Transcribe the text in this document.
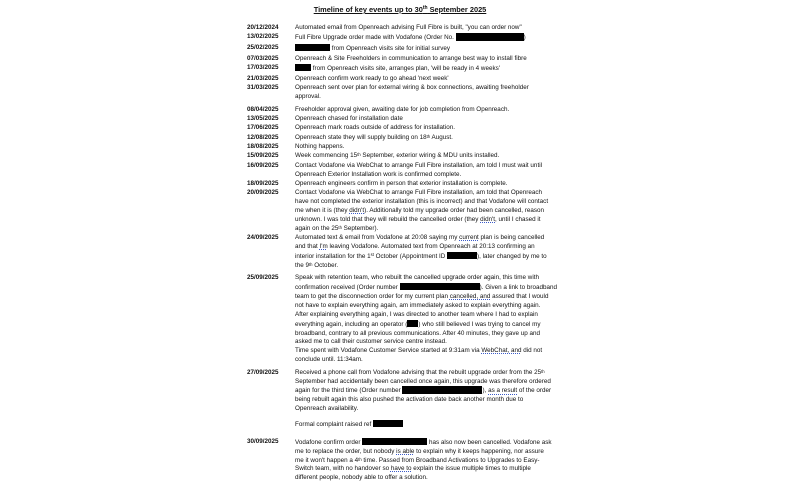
Timeline of key events up to 30th September 2025
20/12/2024	Automated email from Openreach advising Full Fibre is built, "you can order now"
13/02/2025	Full Fibre Upgrade order made with Vodafone (Order No.	)
25/02/2025	from Openreach visits site for initial survey
07/03/2025	Openreach & Site Freeholders in communication to arrange best way to install fibre
17/03/2025	from Openreach visits site, arranges plan, 'will be ready in 4 weeks'
21/03/2025	Openreach confirm work ready to go ahead 'next week'
31/03/2025	Openreach sent over plan for external wiring & box connections, awaiting freeholder
approval.
08/04/2025	Freeholder approval given, awaiting date for job completion from Openreach.
13/05/2025	Openreach chased for installation date
17/06/2025	Openreach mark roads outside of address for installation.
12/08/2025	Openreach state they will supply building on 18th August.
18/08/2025	Nothing happens.
15/09/2025	Week commencing 15th September, exterior wiring & MDU units installed.
16/09/2025	Contact Vodafone via WebChat to arrange Full Fibre installation, am told I must wait until
Openreach Exterior Installation work is confirmed complete.
18/09/2025	Openreach engineers confirm in person that exterior installation is complete.
20/09/2025	Contact Vodafone via WebChat to arrange Full Fibre installation, am told that Openreach
have not completed the exterior installation (this is incorrect) and that Vodafone will contact
me when it is (they didn't). Additionally told my upgrade order had been cancelled, reason
unknown. I was told that they will rebuild the cancelled order (they didn't, until I chased it
again on the 25th September).
24/09/2025	Automated text & email from Vodafone at 20:08 saying my current plan is being cancelled
and that I'm leaving Vodafone. Automated text from Openreach at 20:13 confirming an
interior installation for the 1st October (Appointment ID	), later changed by me to
the 9th October.
25/09/2025	Speak with retention team, who rebuilt the cancelled upgrade order again, this time with
confirmation received (Order number	). Given a link to broadband
team to get the disconnection order for my current plan cancelled, and assured that I would
not have to explain everything again, am immediately asked to explain everything again.
After explaining everything again, I was directed to another team where I had to explain
everything again, including an operator ( ) who still believed I was trying to cancel my
broadband, contrary to all previous communications. After 40 minutes, they gave up and
asked me to call their customer service centre instead.
Time spent with Vodafone Customer Service started at 9:31am via WebChat, and did not
conclude until. 11:34am.
27/09/2025	Received a phone call from Vodafone advising that the rebuilt upgrade order from the 25th
September had accidentally been cancelled once again, this upgrade was therefore ordered
again for the third time (Order number	), as a result of the order
being rebuilt again this also pushed the activation date back another month due to
Openreach availability.
Formal complaint raised ref
30/09/2025	Vodafone confirm order	has also now been cancelled. Vodafone ask
me to replace the order, but nobody is able to explain why it keeps happening, nor assure
me it won't happen a 4th time. Passed from Broadband Activations to Upgrades to Easy-
Switch team, with no handover so have to explain the issue multiple times to multiple
different people, nobody able to offer a solution.
